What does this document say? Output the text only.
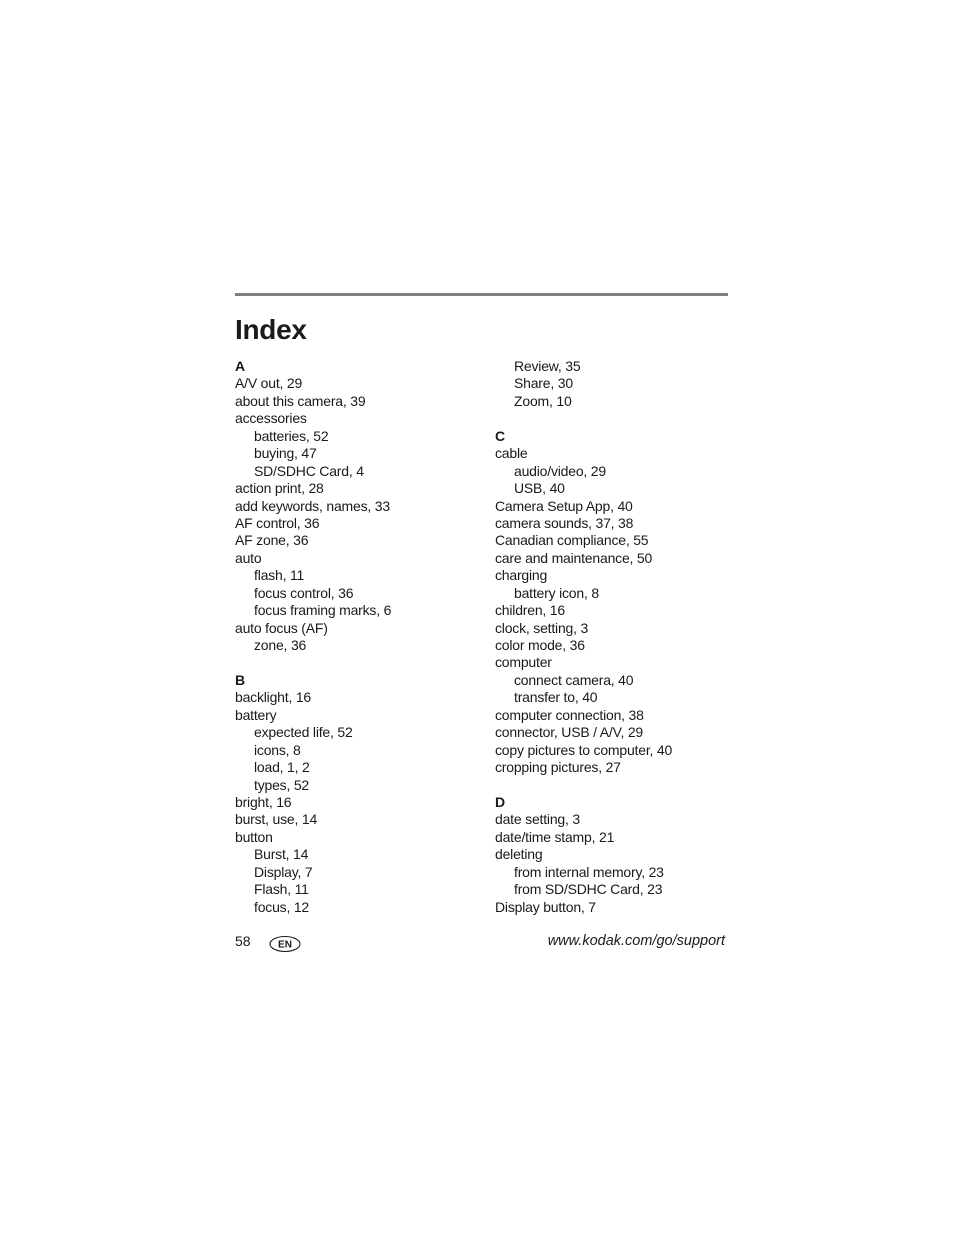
Index
A
A/V out, 29
about this camera, 39
accessories
batteries, 52
buying, 47
SD/SDHC Card, 4
action print, 28
add keywords, names, 33
AF control, 36
AF zone, 36
auto
flash, 11
focus control, 36
focus framing marks, 6
auto focus (AF)
zone, 36
B
backlight, 16
battery
expected life, 52
icons, 8
load, 1, 2
types, 52
bright, 16
burst, use, 14
button
Burst, 14
Display, 7
Flash, 11
focus, 12
Review, 35
Share, 30
Zoom, 10
C
cable
audio/video, 29
USB, 40
Camera Setup App, 40
camera sounds, 37, 38
Canadian compliance, 55
care and maintenance, 50
charging
battery icon, 8
children, 16
clock, setting, 3
color mode, 36
computer
connect camera, 40
transfer to, 40
computer connection, 38
connector, USB / A/V, 29
copy pictures to computer, 40
cropping pictures, 27
D
date setting, 3
date/time stamp, 21
deleting
from internal memory, 23
from SD/SDHC Card, 23
Display button, 7
58	EN	www.kodak.com/go/support
